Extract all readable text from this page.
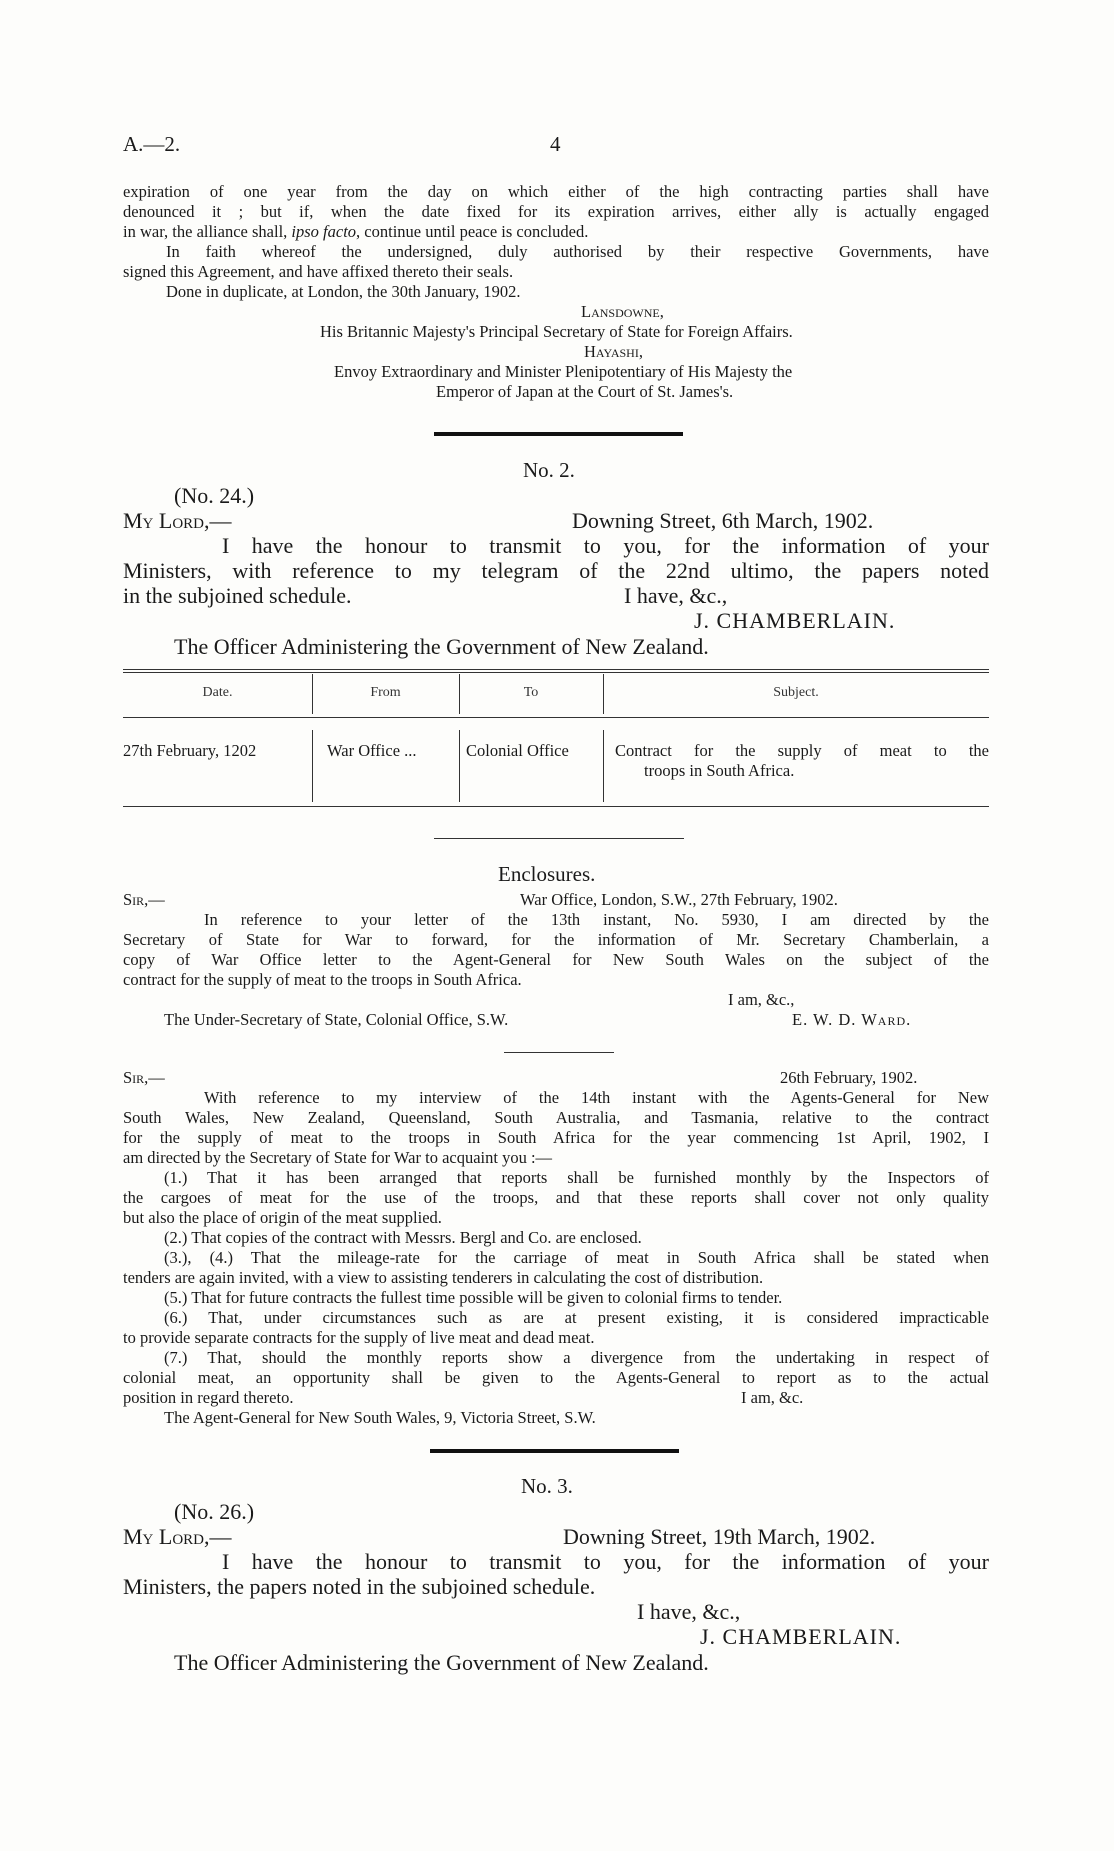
A.—2.	4
expiration of one year from the day on which either of the high contracting parties shall have
denounced it ; but if, when the date fixed for its expiration arrives, either ally is actually engaged
in war, the alliance shall, ipso facto, continue until peace is concluded.
In faith whereof the undersigned, duly authorised by their respective Governments, have
signed this Agreement, and have affixed thereto their seals.
Done in duplicate, at London, the 30th January, 1902.
Lansdowne,
His Britannic Majesty's Principal Secretary of State for Foreign Affairs.
Hayashi,
Envoy Extraordinary and Minister Plenipotentiary of His Majesty the
Emperor of Japan at the Court of St. James's.
No. 2.
(No. 24.)
My Lord,—	Downing Street, 6th March, 1902.
I have the honour to transmit to you, for the information of your
Ministers, with reference to my telegram of the 22nd ultimo, the papers noted
in the subjoined schedule.	I have, &c.,
J. CHAMBERLAIN.
The Officer Administering the Government of New Zealand.
Date.	From	To	Subject.
27th February, 1202	War Office ...	Colonial Office	Contract for the supply of meat to the
troops in South Africa.
Enclosures.
Sir,—	War Office, London, S.W., 27th February, 1902.
In reference to your letter of the 13th instant, No. 5930, I am directed by the
Secretary of State for War to forward, for the information of Mr. Secretary Chamberlain, a
copy of War Office letter to the Agent-General for New South Wales on the subject of the
contract for the supply of meat to the troops in South Africa.
I am, &c.,
The Under-Secretary of State, Colonial Office, S.W.	E. W. D. Ward.
Sir,—	26th February, 1902.
With reference to my interview of the 14th instant with the Agents-General for New
South Wales, New Zealand, Queensland, South Australia, and Tasmania, relative to the contract
for the supply of meat to the troops in South Africa for the year commencing 1st April, 1902, I
am directed by the Secretary of State for War to acquaint you :—
(1.) That it has been arranged that reports shall be furnished monthly by the Inspectors of
the cargoes of meat for the use of the troops, and that these reports shall cover not only quality
but also the place of origin of the meat supplied.
(2.) That copies of the contract with Messrs. Bergl and Co. are enclosed.
(3.), (4.) That the mileage-rate for the carriage of meat in South Africa shall be stated when
tenders are again invited, with a view to assisting tenderers in calculating the cost of distribution.
(5.) That for future contracts the fullest time possible will be given to colonial firms to tender.
(6.) That, under circumstances such as are at present existing, it is considered impracticable
to provide separate contracts for the supply of live meat and dead meat.
(7.) That, should the monthly reports show a divergence from the undertaking in respect of
colonial meat, an opportunity shall be given to the Agents-General to report as to the actual
position in regard thereto.	I am, &c.
The Agent-General for New South Wales, 9, Victoria Street, S.W.
No. 3.
(No. 26.)
My Lord,—	Downing Street, 19th March, 1902.
I have the honour to transmit to you, for the information of your
Ministers, the papers noted in the subjoined schedule.
I have, &c.,
J. CHAMBERLAIN.
The Officer Administering the Government of New Zealand.
